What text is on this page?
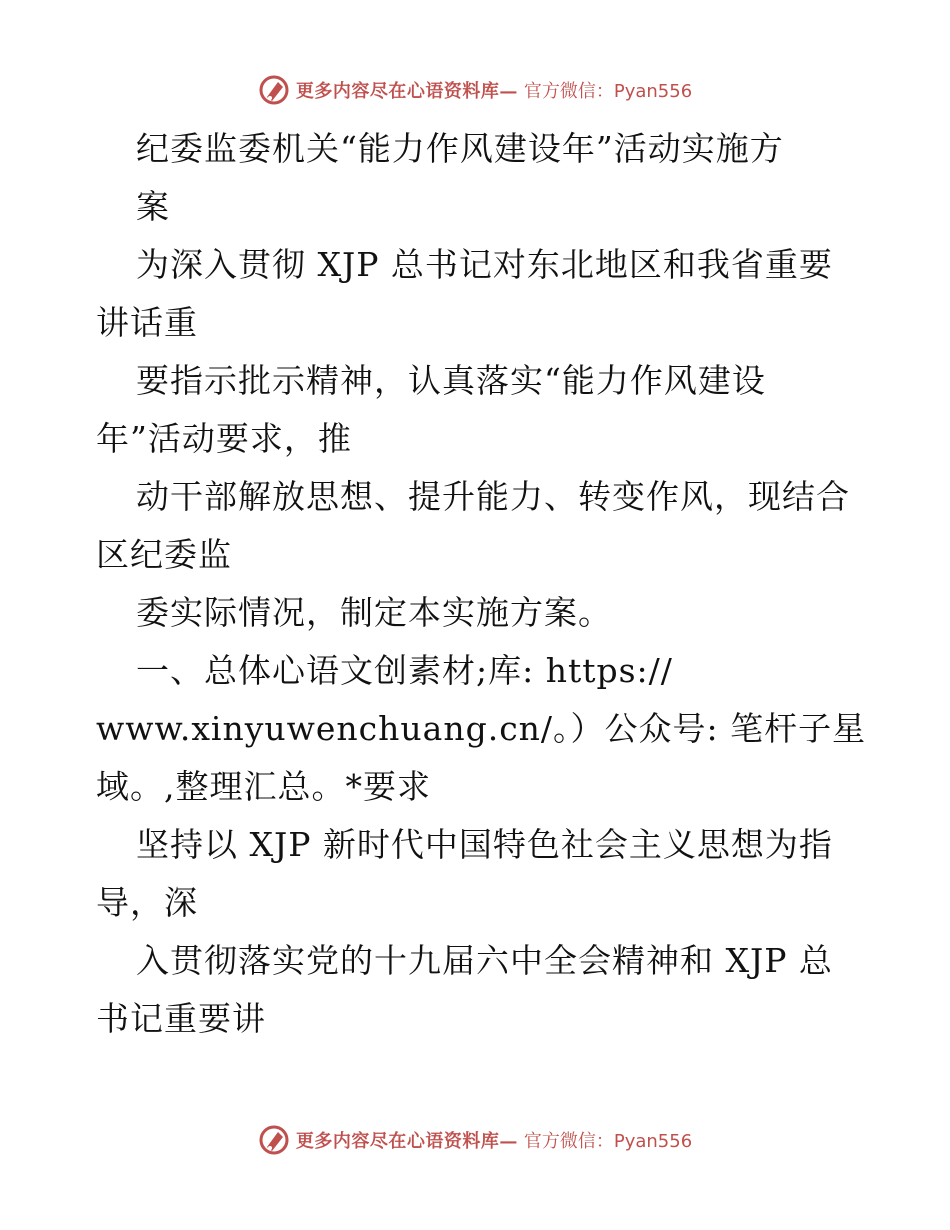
更多内容尽在心语资料库— 官方微信：Pyan556
纪委监委机关“能力作风建设年”活动实施方
案
为深入贯彻 XJP 总书记对东北地区和我省重要
讲话重
要指示批示精神，认真落实“能力作风建设
年”活动要求，推
动干部解放思想、提升能力、转变作风，现结合
区纪委监
委实际情况，制定本实施方案。
一、总体心语文创素材;库: https://
www.xinyuwenchuang.cn/。）公众号: 笔杆子星
域。,整理汇总。*要求
坚持以 XJP 新时代中国特色社会主义思想为指
导，深
入贯彻落实党的十九届六中全会精神和 XJP 总
书记重要讲
更多内容尽在心语资料库— 官方微信：Pyan556
